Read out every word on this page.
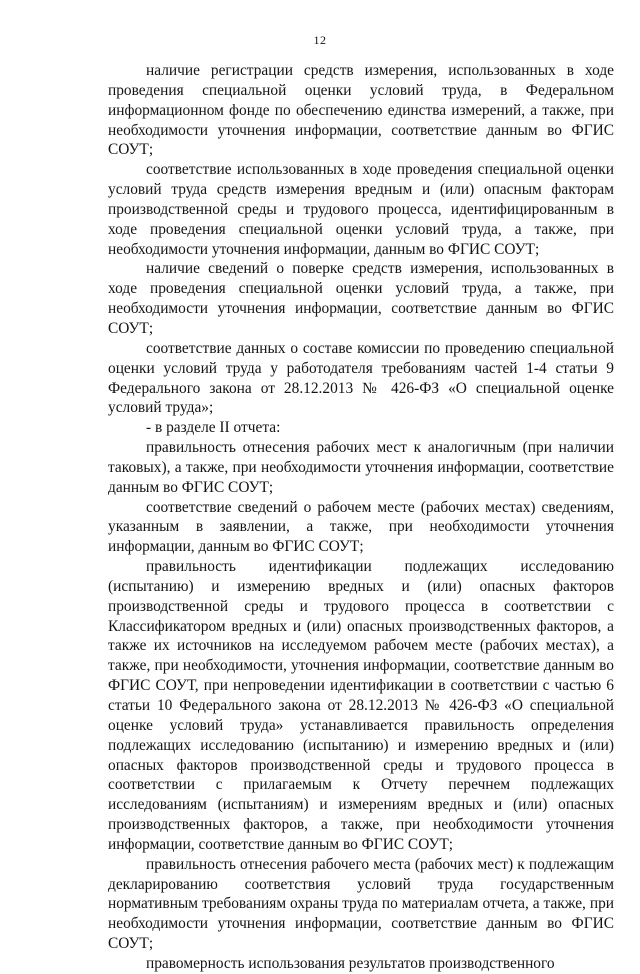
12

наличие регистрации средств измерения, использованных в ходе проведения специальной оценки условий труда, в Федеральном информационном фонде по обеспечению единства измерений, а также, при необходимости уточнения информации, соответствие данным во ФГИС СОУТ;

соответствие использованных в ходе проведения специальной оценки условий труда средств измерения вредным и (или) опасным факторам производственной среды и трудового процесса, идентифицированным в ходе проведения специальной оценки условий труда, а также, при необходимости уточнения информации, данным во ФГИС СОУТ;

наличие сведений о поверке средств измерения, использованных в ходе проведения специальной оценки условий труда, а также, при необходимости уточнения информации, соответствие данным во ФГИС СОУТ;

соответствие данных о составе комиссии по проведению специальной оценки условий труда у работодателя требованиям частей 1-4 статьи 9 Федерального закона от 28.12.2013 № 426-ФЗ «О специальной оценке условий труда»;

- в разделе II отчета:

правильность отнесения рабочих мест к аналогичным (при наличии таковых), а также, при необходимости уточнения информации, соответствие данным во ФГИС СОУТ;

соответствие сведений о рабочем месте (рабочих местах) сведениям, указанным в заявлении, а также, при необходимости уточнения информации, данным во ФГИС СОУТ;

правильность идентификации подлежащих исследованию (испытанию) и измерению вредных и (или) опасных факторов производственной среды и трудового процесса в соответствии с Классификатором вредных и (или) опасных производственных факторов, а также их источников на исследуемом рабочем месте (рабочих местах), а также, при необходимости, уточнения информации, соответствие данным во ФГИС СОУТ, при непроведении идентификации в соответствии с частью 6 статьи 10 Федерального закона от 28.12.2013 № 426-ФЗ «О специальной оценке условий труда» устанавливается правильность определения подлежащих исследованию (испытанию) и измерению вредных и (или) опасных факторов производственной среды и трудового процесса в соответствии с прилагаемым к Отчету перечнем подлежащих исследованиям (испытаниям) и измерениям вредных и (или) опасных производственных факторов, а также, при необходимости уточнения информации, соответствие данным во ФГИС СОУТ;

правильность отнесения рабочего места (рабочих мест) к подлежащим декларированию соответствия условий труда государственным нормативным требованиям охраны труда по материалам отчета, а также, при необходимости уточнения информации, соответствие данным во ФГИС СОУТ;

правомерность использования результатов производственного
